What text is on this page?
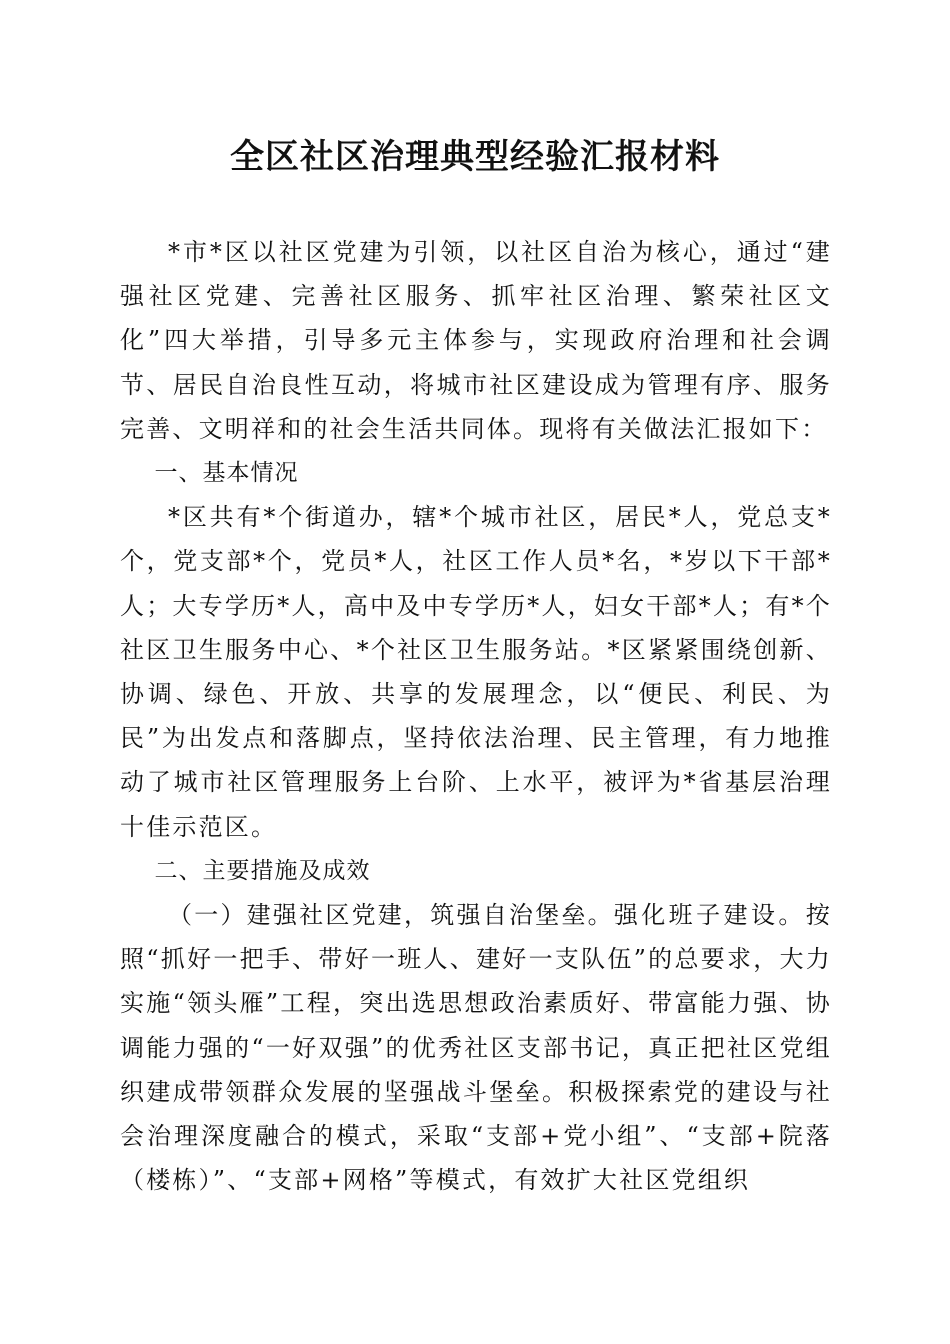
全区社区治理典型经验汇报材料

*市*区以社区党建为引领，以社区自治为核心，通过“建强社区党建、完善社区服务、抓牢社区治理、繁荣社区文化”四大举措，引导多元主体参与，实现政府治理和社会调节、居民自治良性互动，将城市社区建设成为管理有序、服务完善、文明祥和的社会生活共同体。现将有关做法汇报如下：

一、基本情况

*区共有*个街道办，辖*个城市社区，居民*人，党总支*个，党支部*个，党员*人，社区工作人员*名，*岁以下干部*人；大专学历*人，高中及中专学历*人，妇女干部*人；有*个社区卫生服务中心、*个社区卫生服务站。*区紧紧围绕创新、协调、绿色、开放、共享的发展理念，以“便民、利民、为民”为出发点和落脚点，坚持依法治理、民主管理，有力地推动了城市社区管理服务上台阶、上水平，被评为*省基层治理十佳示范区。

二、主要措施及成效

（一）建强社区党建，筑强自治堡垒。强化班子建设。按照“抓好一把手、带好一班人、建好一支队伍”的总要求，大力实施“领头雁”工程，突出选思想政治素质好、带富能力强、协调能力强的“一好双强”的优秀社区支部书记，真正把社区党组织建成带领群众发展的坚强战斗堡垒。积极探索党的建设与社会治理深度融合的模式，采取“支部+党小组”、“支部+院落（楼栋）”、“支部+网格”等模式，有效扩大社区党组织
